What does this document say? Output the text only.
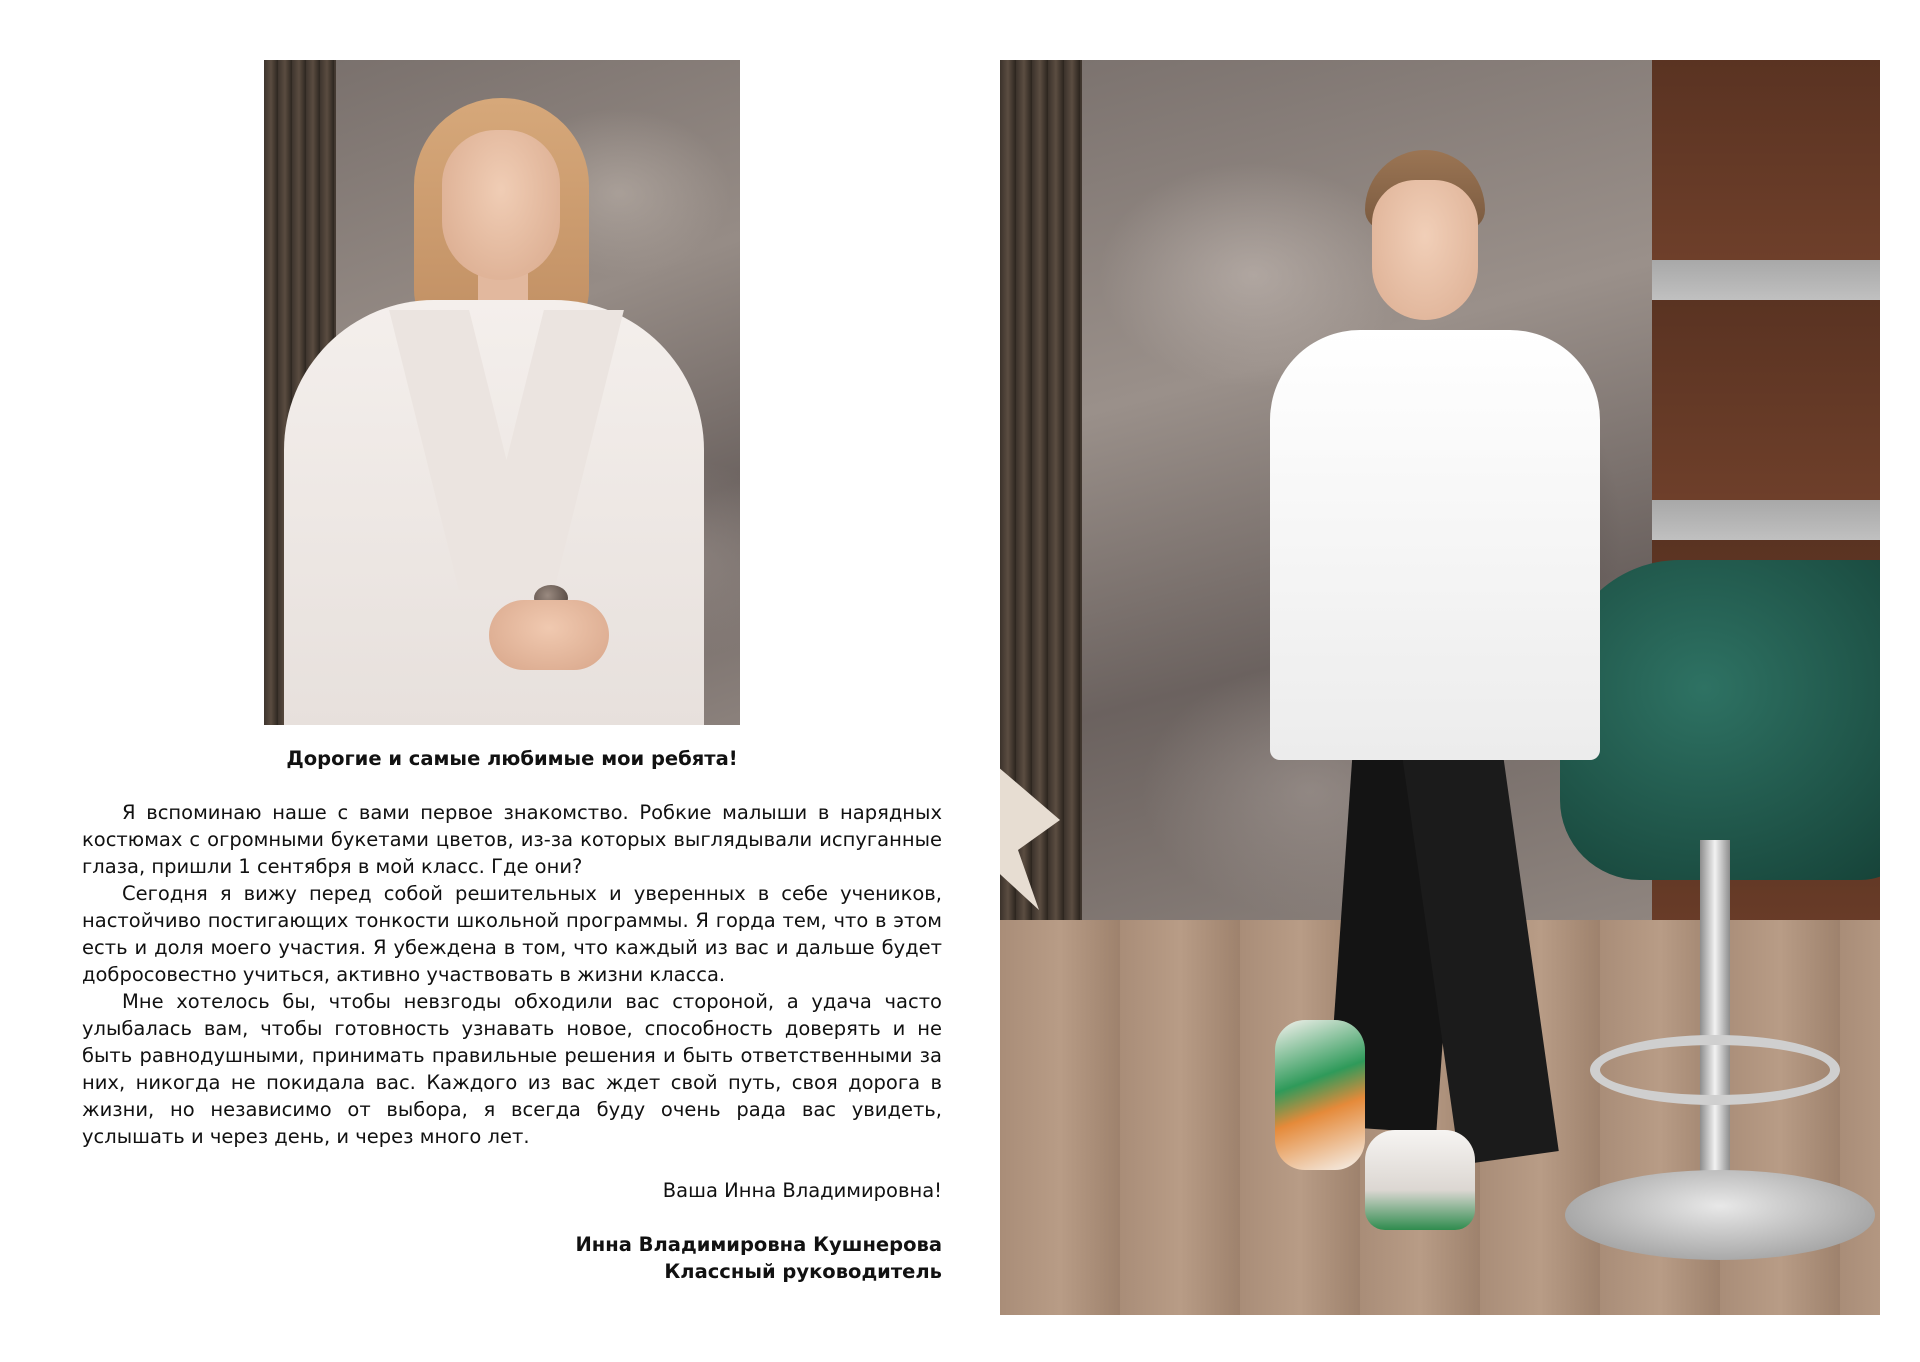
Дорогие и самые любимые мои ребята!

Я вспоминаю наше с вами первое знакомство. Робкие малыши в нарядных костюмах с огромными букетами цветов, из-за которых выглядывали испуганные глаза, пришли 1 сентября в мой класс. Где они?

Сегодня я вижу перед собой решительных и уверенных в себе учеников, настойчиво постигающих тонкости школьной программы. Я горда тем, что в этом есть и доля моего участия. Я убеждена в том, что каждый из вас и дальше будет добросовестно учиться, активно участвовать в жизни класса.

Мне хотелось бы, чтобы невзгоды обходили вас стороной, а удача часто улыбалась вам, чтобы готовность узнавать новое, способность доверять и не быть равнодушными, принимать правильные решения и быть ответственными за них, никогда не покидала вас. Каждого из вас ждет свой путь, своя дорога в жизни, но независимо от выбора, я всегда буду очень рада вас увидеть, услышать и через день, и через много лет.

Ваша Инна Владимировна!

Инна Владимировна Кушнерова

Классный руководитель
